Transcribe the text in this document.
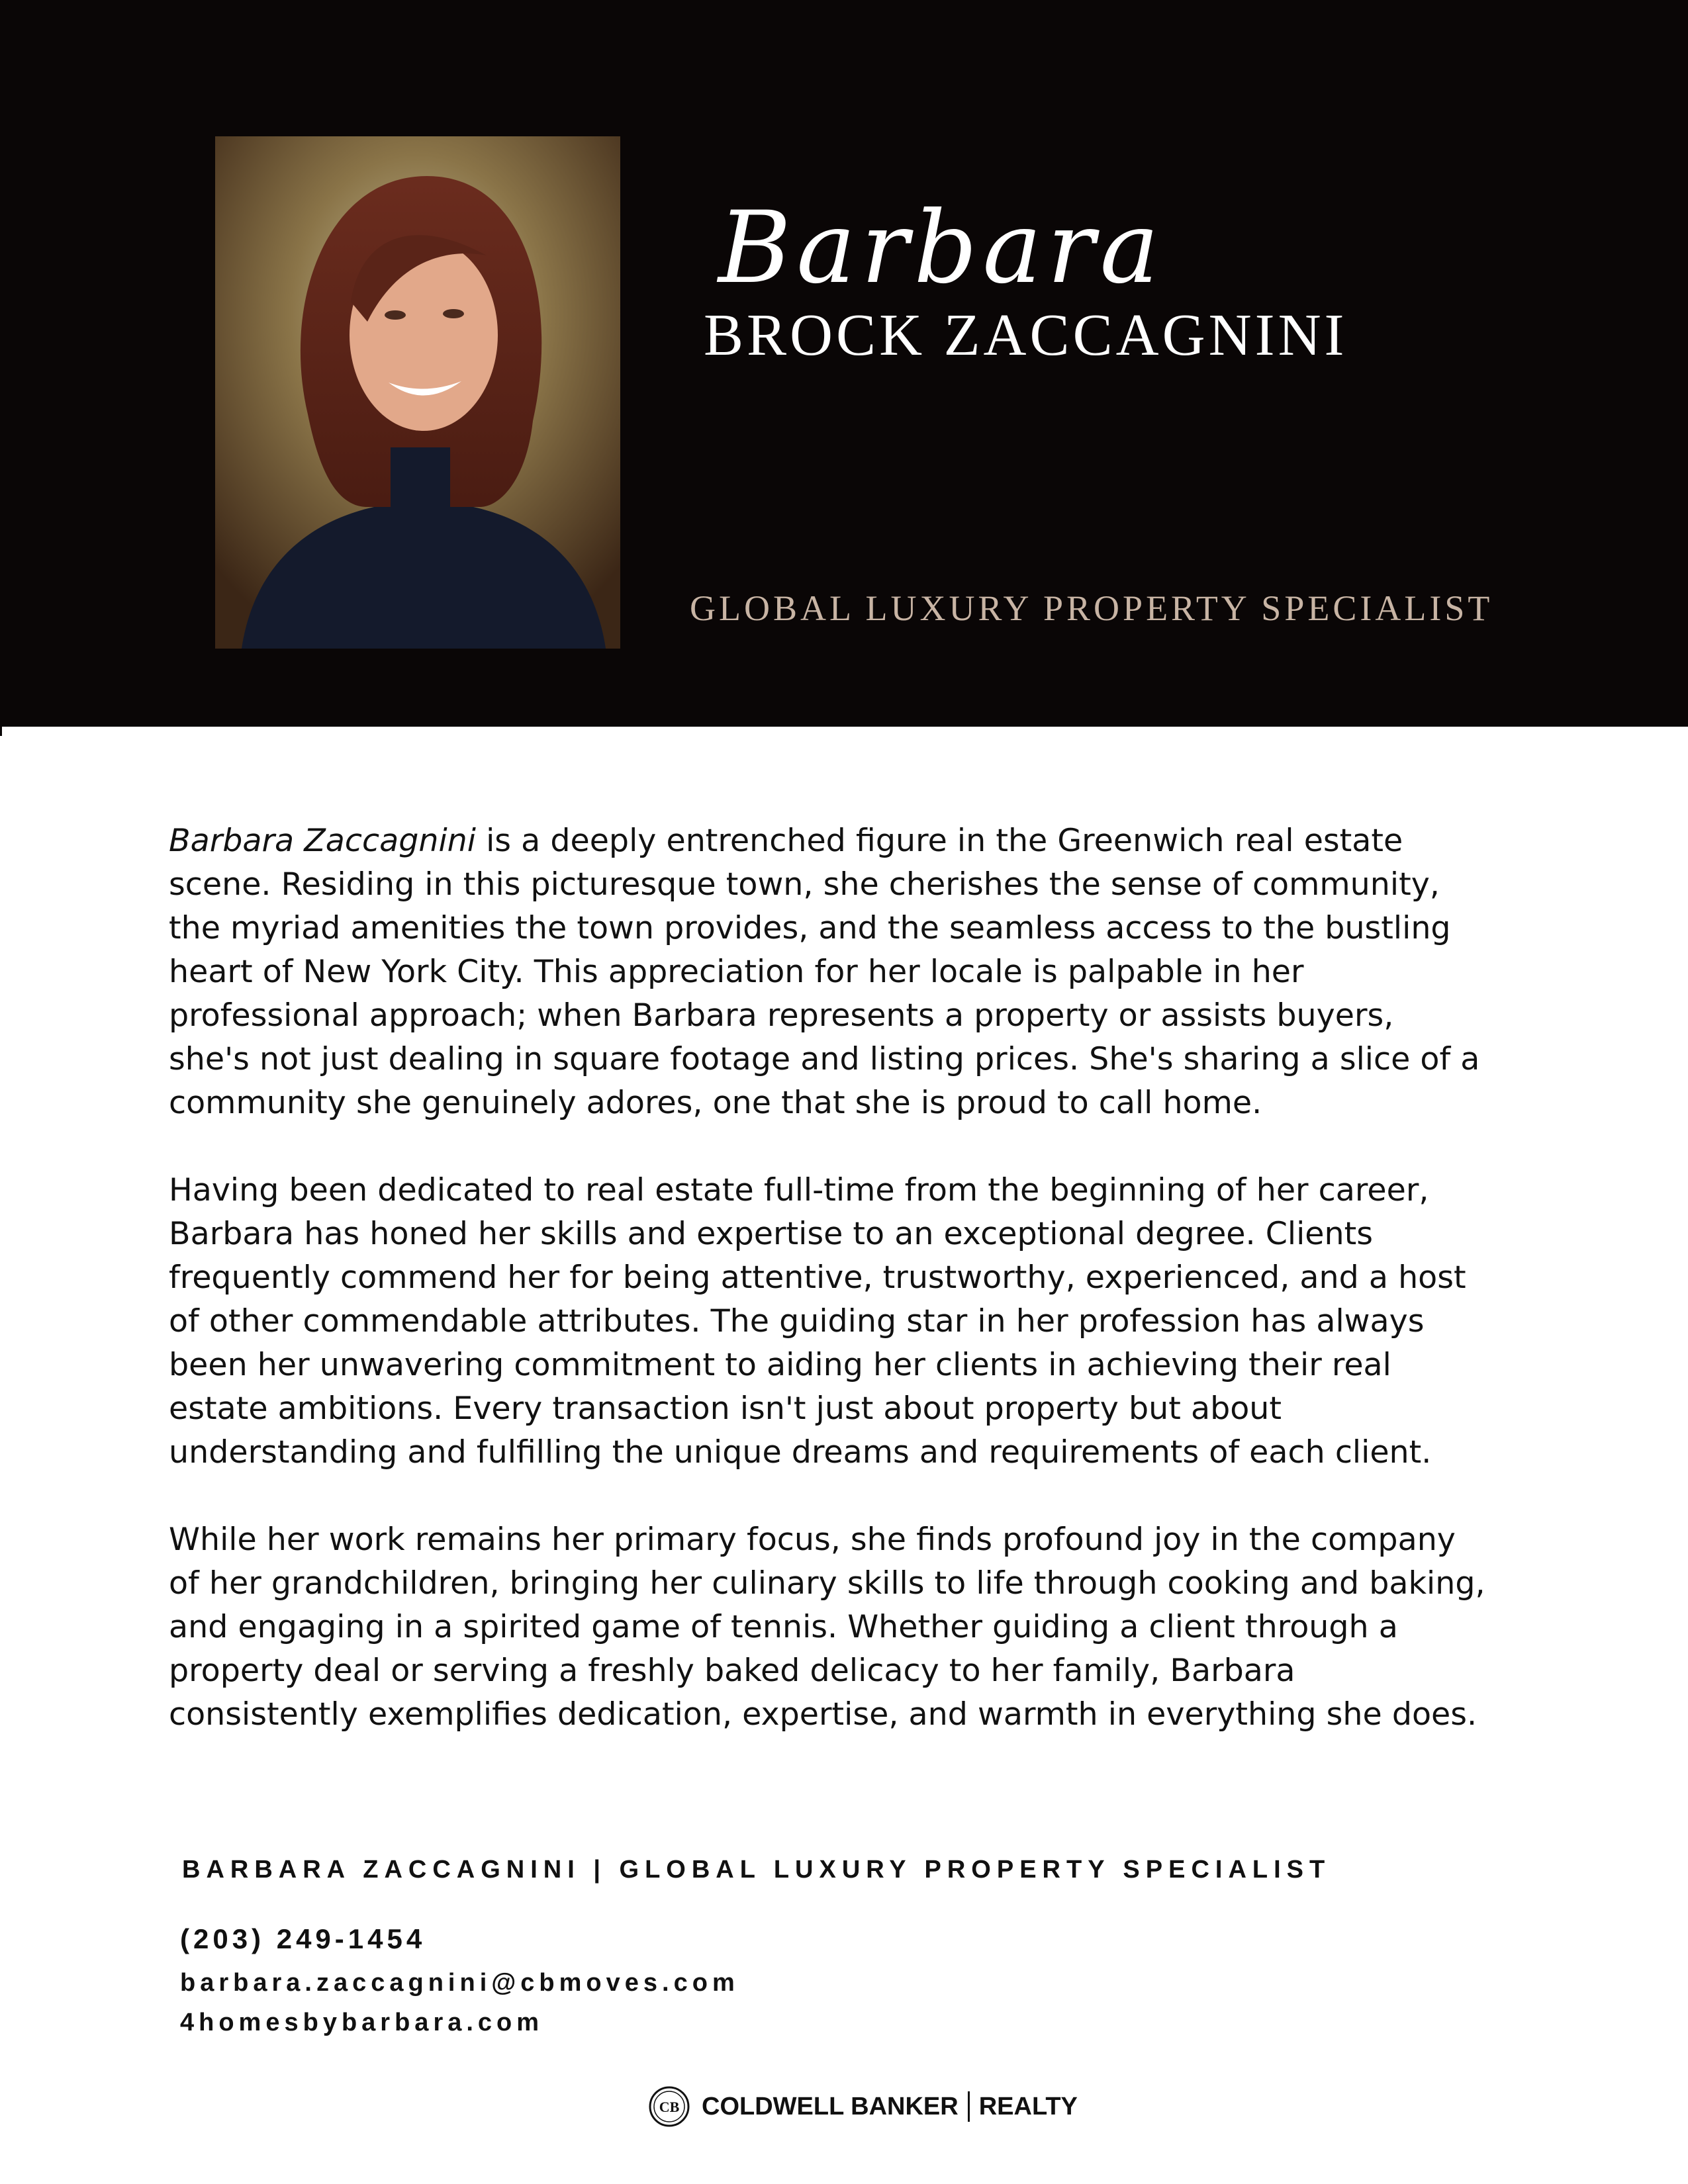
Barbara
BROCK ZACCAGNINI
GLOBAL LUXURY PROPERTY SPECIALIST

Barbara Zaccagnini is a deeply entrenched figure in the Greenwich real estate
scene. Residing in this picturesque town, she cherishes the sense of community,
the myriad amenities the town provides, and the seamless access to the bustling
heart of New York City. This appreciation for her locale is palpable in her
professional approach; when Barbara represents a property or assists buyers,
she's not just dealing in square footage and listing prices. She's sharing a slice of a
community she genuinely adores, one that she is proud to call home.

Having been dedicated to real estate full-time from the beginning of her career,
Barbara has honed her skills and expertise to an exceptional degree. Clients
frequently commend her for being attentive, trustworthy, experienced, and a host
of other commendable attributes. The guiding star in her profession has always
been her unwavering commitment to aiding her clients in achieving their real
estate ambitions. Every transaction isn't just about property but about
understanding and fulfilling the unique dreams and requirements of each client.

While her work remains her primary focus, she finds profound joy in the company
of her grandchildren, bringing her culinary skills to life through cooking and baking,
and engaging in a spirited game of tennis. Whether guiding a client through a
property deal or serving a freshly baked delicacy to her family, Barbara
consistently exemplifies dedication, expertise, and warmth in everything she does.

BARBARA ZACCAGNINI | GLOBAL LUXURY PROPERTY SPECIALIST
(203) 249-1454
barbara.zaccagnini@cbmoves.com
4homesbybarbara.com
CB COLDWELL BANKER REALTY
